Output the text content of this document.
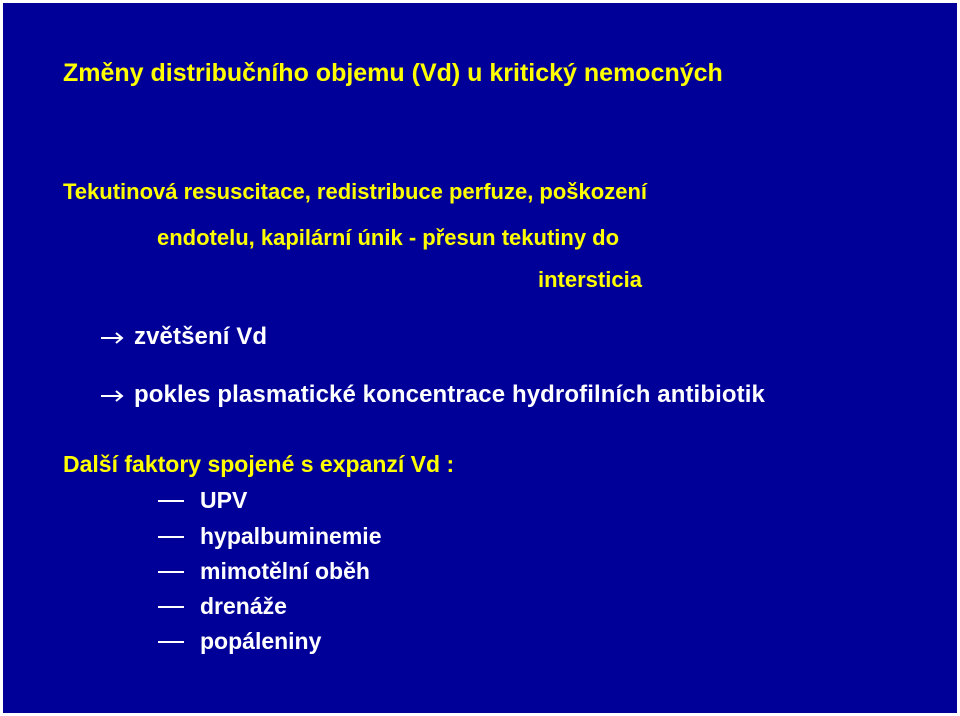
Změny distribučního objemu (Vd) u kritický nemocných
Tekutinová resuscitace, redistribuce perfuze, poškození
endotelu, kapilární únik - přesun tekutiny do
intersticia
zvětšení Vd
pokles plasmatické koncentrace hydrofilních antibiotik
Další faktory spojené s expanzí Vd :
UPV
hypalbuminemie
mimotělní oběh
drenáže
popáleniny
